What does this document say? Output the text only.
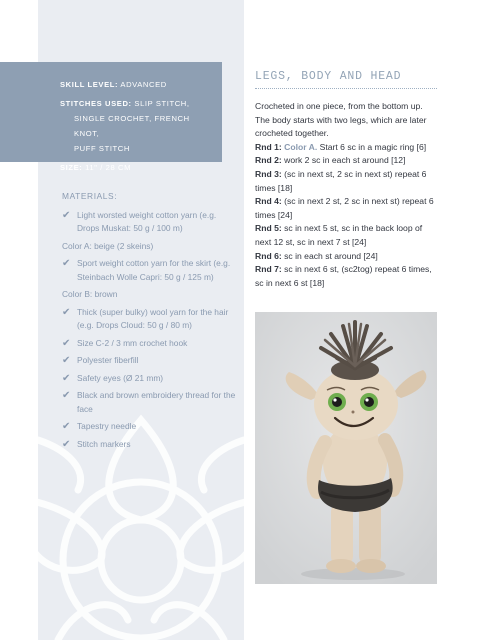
SKILL LEVEL: ADVANCED
STITCHES USED: SLIP STITCH,
SINGLE CROCHET, FRENCH KNOT,
PUFF STITCH
SIZE: 11" / 28 CM
MATERIALS:
✔ Light worsted weight cotton yarn (e.g. Drops Muskat: 50 g / 100 m)
Color A: beige (2 skeins)
✔ Sport weight cotton yarn for the skirt (e.g. Steinbach Wolle Capri: 50 g / 125 m)
Color B: brown
✔ Thick (super bulky) wool yarn for the hair (e.g. Drops Cloud: 50 g / 80 m)
✔ Size C-2 / 3 mm crochet hook
✔ Polyester fiberfill
✔ Safety eyes (Ø 21 mm)
✔ Black and brown embroidery thread for the face
✔ Tapestry needle
✔ Stitch markers
LEGS, BODY AND HEAD

Crocheted in one piece, from the bottom up. The body starts with two legs, which are later crocheted together.

Rnd 1: Color A. Start 6 sc in a magic ring [6]

Rnd 2: work 2 sc in each st around [12]

Rnd 3: (sc in next st, 2 sc in next st) repeat 6 times [18]

Rnd 4: (sc in next 2 st, 2 sc in next st) repeat 6 times [24]

Rnd 5: sc in next 5 st, sc in the back loop of next 12 st, sc in next 7 st [24]

Rnd 6: sc in each st around [24]

Rnd 7: sc in next 6 st, (sc2tog) repeat 6 times, sc in next 6 st [18]
